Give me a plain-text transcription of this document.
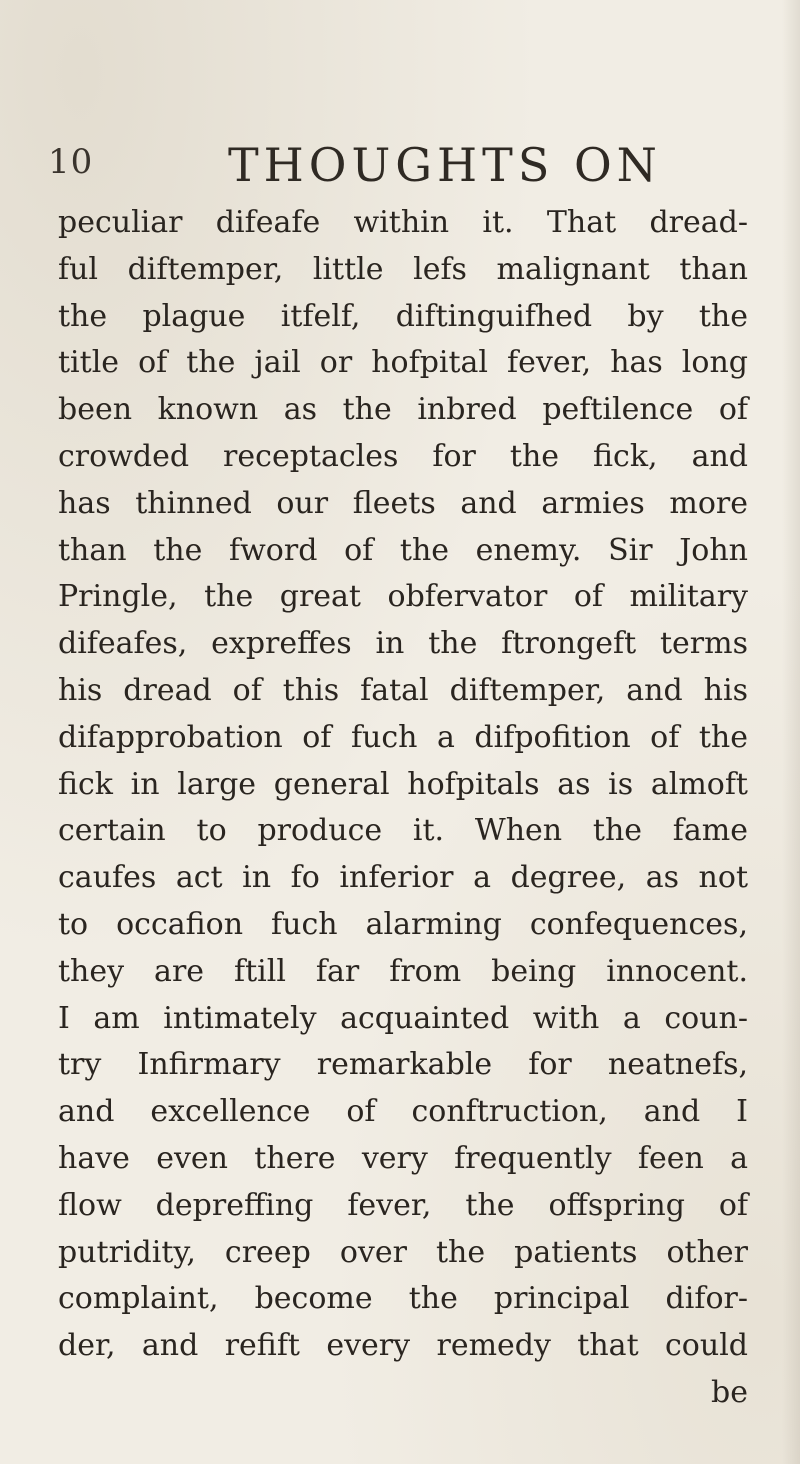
10	THOUGHTS ON
peculiar difeafe within it. That dread-
ful diftemper, little lefs malignant than
the plague itfelf, diftinguifhed by the
title of the jail or hofpital fever, has long
been known as the inbred peftilence of
crowded receptacles for the fick, and
has thinned our fleets and armies more
than the fword of the enemy. Sir John
Pringle, the great obfervator of military
difeafes, expreffes in the ftrongeft terms
his dread of this fatal diftemper, and his
difapprobation of fuch a difpofition of the
fick in large general hofpitals as is almoft
certain to produce it. When the fame
caufes act in fo inferior a degree, as not
to occafion fuch alarming confequences,
they are ftill far from being innocent.
I am intimately acquainted with a coun-
try Infirmary remarkable for neatnefs,
and excellence of conftruction, and I
have even there very frequently feen a
flow depreffing fever, the offspring of
putridity, creep over the patients other
complaint, become the principal difor-
der, and refift every remedy that could
be
